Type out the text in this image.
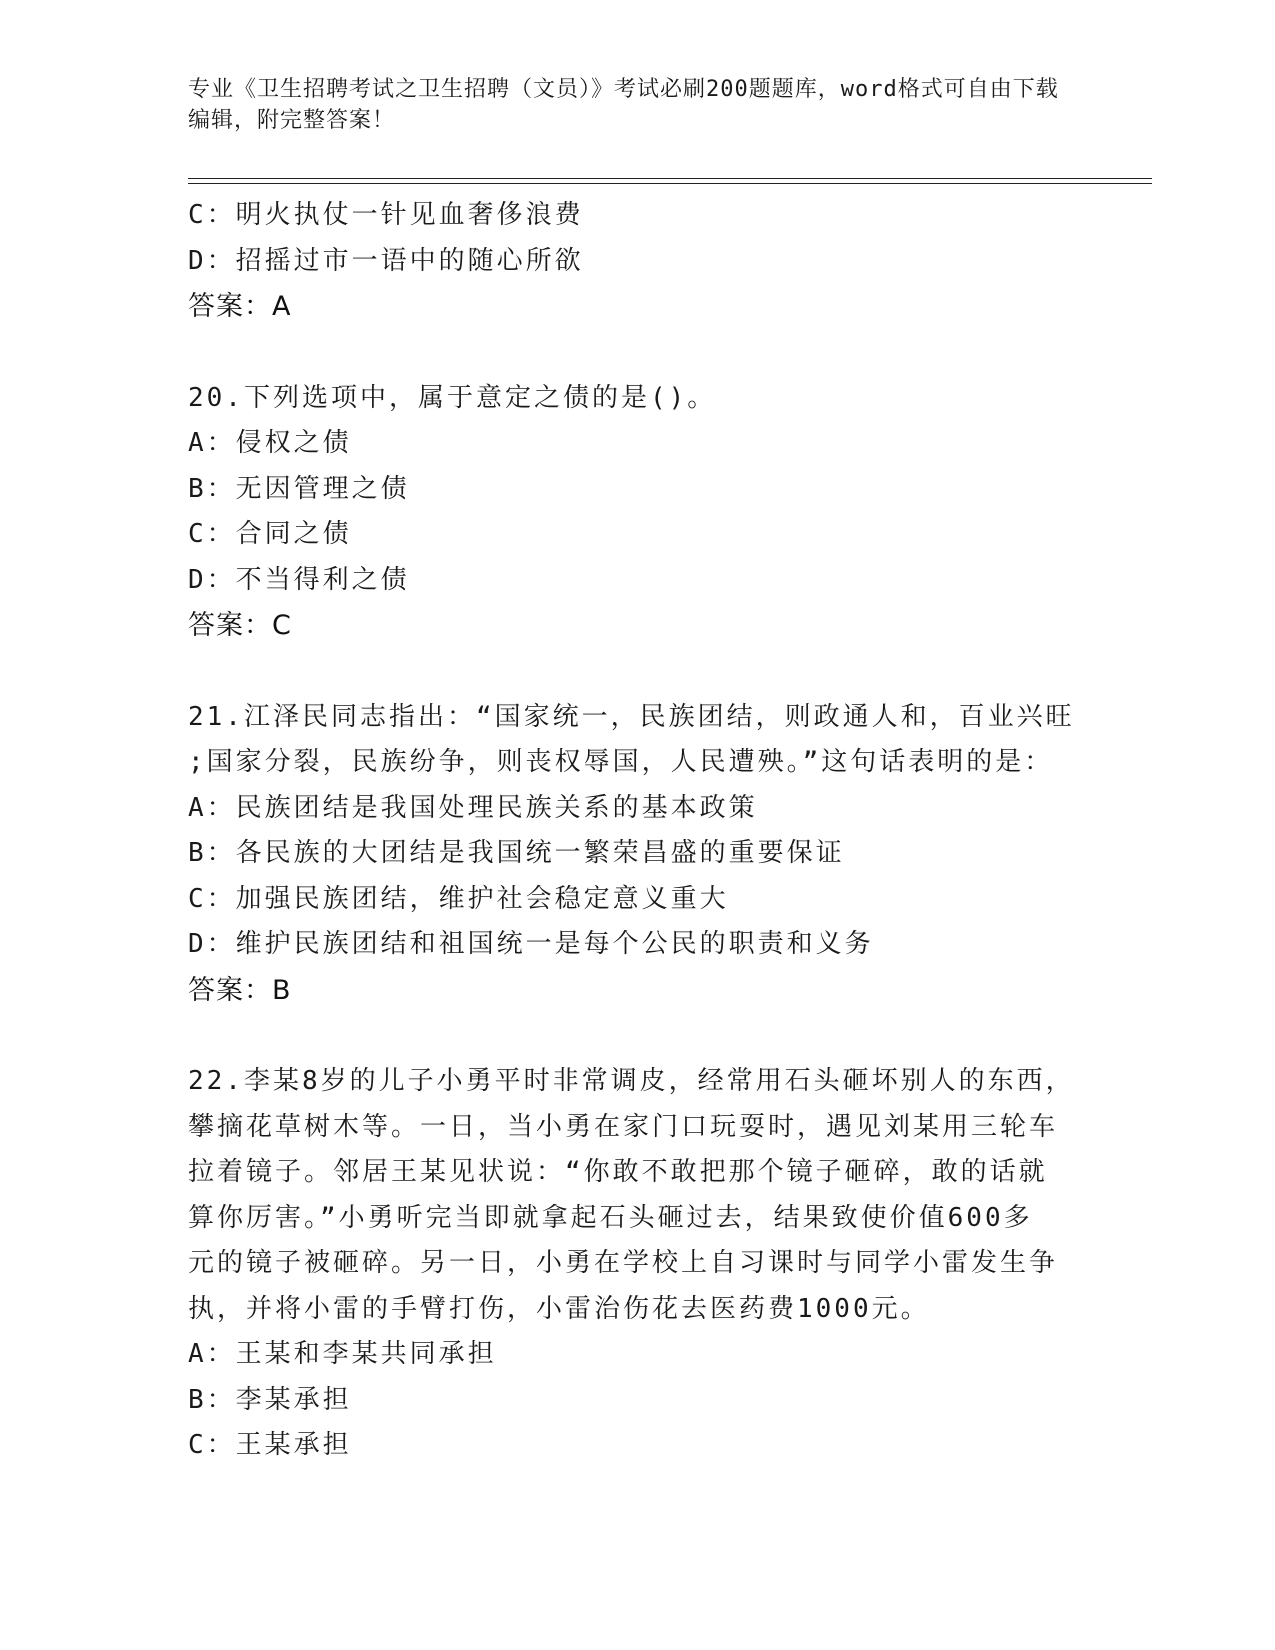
专业《卫生招聘考试之卫生招聘（文员）》考试必刷200题题库，word格式可自由下载编辑，附完整答案！
C：明火执仗一针见血奢侈浪费
D：招摇过市一语中的随心所欲
答案：A
20.下列选项中，属于意定之债的是()。
A：侵权之债
B：无因管理之债
C：合同之债
D：不当得利之债
答案：C
21.江泽民同志指出：“国家统一，民族团结，则政通人和，百业兴旺
;国家分裂，民族纷争，则丧权辱国，人民遭殃。”这句话表明的是：
A：民族团结是我国处理民族关系的基本政策
B：各民族的大团结是我国统一繁荣昌盛的重要保证
C：加强民族团结，维护社会稳定意义重大
D：维护民族团结和祖国统一是每个公民的职责和义务
答案：B
22.李某8岁的儿子小勇平时非常调皮，经常用石头砸坏别人的东西，
攀摘花草树木等。一日，当小勇在家门口玩耍时，遇见刘某用三轮车
拉着镜子。邻居王某见状说：“你敢不敢把那个镜子砸碎，敢的话就
算你厉害。”小勇听完当即就拿起石头砸过去，结果致使价值600多
元的镜子被砸碎。另一日，小勇在学校上自习课时与同学小雷发生争
执，并将小雷的手臂打伤，小雷治伤花去医药费1000元。
A：王某和李某共同承担
B：李某承担
C：王某承担
